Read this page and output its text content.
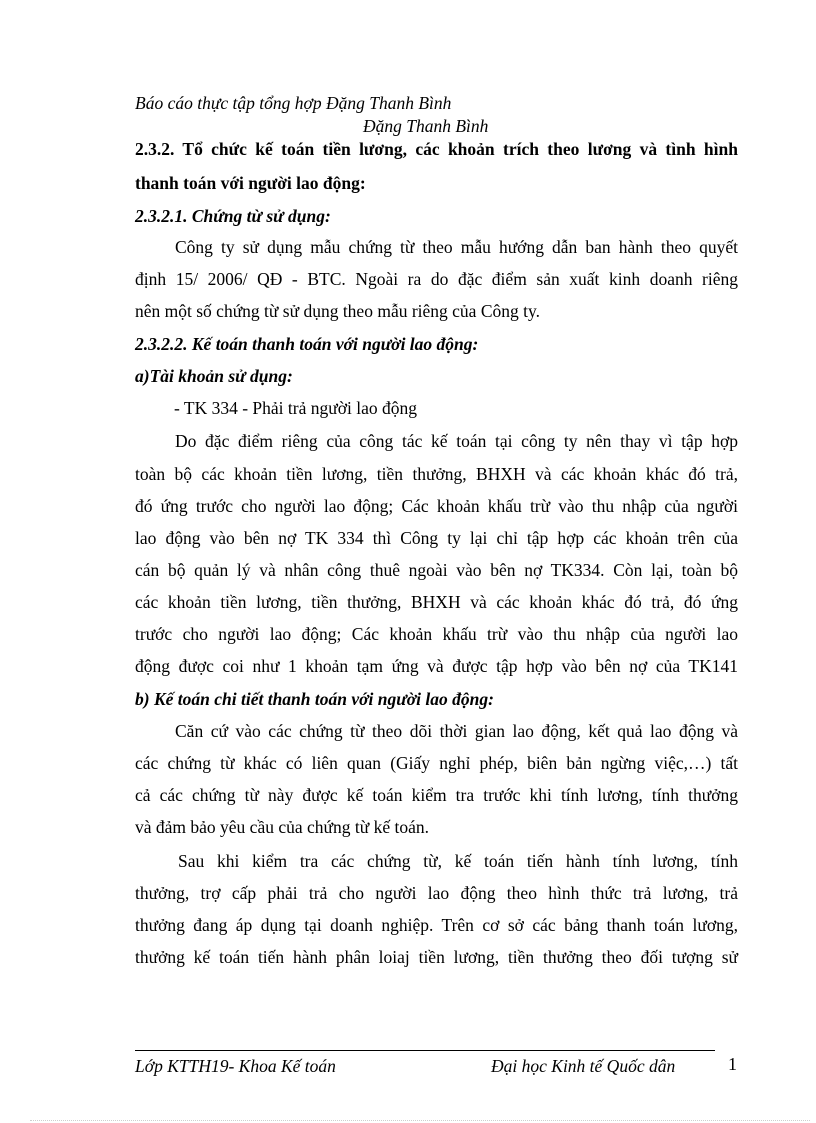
Báo cáo thực tập tổng hợp Đặng Thanh Bình
Đặng Thanh Bình
2.3.2. Tổ chức kế toán tiền lương, các khoản trích theo lương và tình hình
thanh toán với người lao động:
2.3.2.1. Chứng từ sử dụng:
Công ty sử dụng mẫu chứng từ theo mẫu hướng dẫn ban hành theo quyết
định 15/ 2006/ QĐ - BTC. Ngoài ra do đặc điểm sản xuất kinh doanh riêng
nên một số chứng từ sử dụng theo mẫu riêng của Công ty.
2.3.2.2. Kế toán thanh toán với người lao động:
a)Tài khoản sử dụng:
- TK 334 - Phải trả người lao động
Do đặc điểm riêng của công tác kế toán tại công ty nên thay vì tập hợp
toàn bộ các khoản tiền lương, tiền thưởng, BHXH và các khoản khác đó trả,
đó ứng trước cho người lao động; Các khoản khấu trừ vào thu nhập của người
lao động vào bên nợ TK 334 thì Công ty lại chỉ tập hợp các khoản trên của
cán bộ quản lý và nhân công thuê ngoài vào bên nợ TK334. Còn lại, toàn bộ
các khoản tiền lương, tiền thưởng, BHXH và các khoản khác đó trả, đó ứng
trước cho người lao động; Các khoản khấu trừ vào thu nhập của người lao
động được coi như 1 khoản tạm ứng và được tập hợp vào bên nợ của TK141
b) Kế toán chi tiết thanh toán với người lao động:
Căn cứ vào các chứng từ theo dõi thời gian lao động, kết quả lao động và
các chứng từ khác có liên quan (Giấy nghỉ phép, biên bản ngừng việc,…) tất
cả các chứng từ này được kế toán kiểm tra trước khi tính lương, tính thưởng
và đảm bảo yêu cầu của chứng từ kế toán.
Sau khi kiểm tra các chứng từ, kế toán tiến hành tính lương, tính
thưởng, trợ cấp phải trả cho người lao động theo hình thức trả lương, trả
thưởng đang áp dụng tại doanh nghiệp. Trên cơ sở các bảng thanh toán lương,
thưởng kế toán tiến hành phân loiaj tiền lương, tiền thưởng theo đối tượng sử
Lớp KTTH19- Khoa Kế toán	Đại học Kinh tế Quốc dân	1
